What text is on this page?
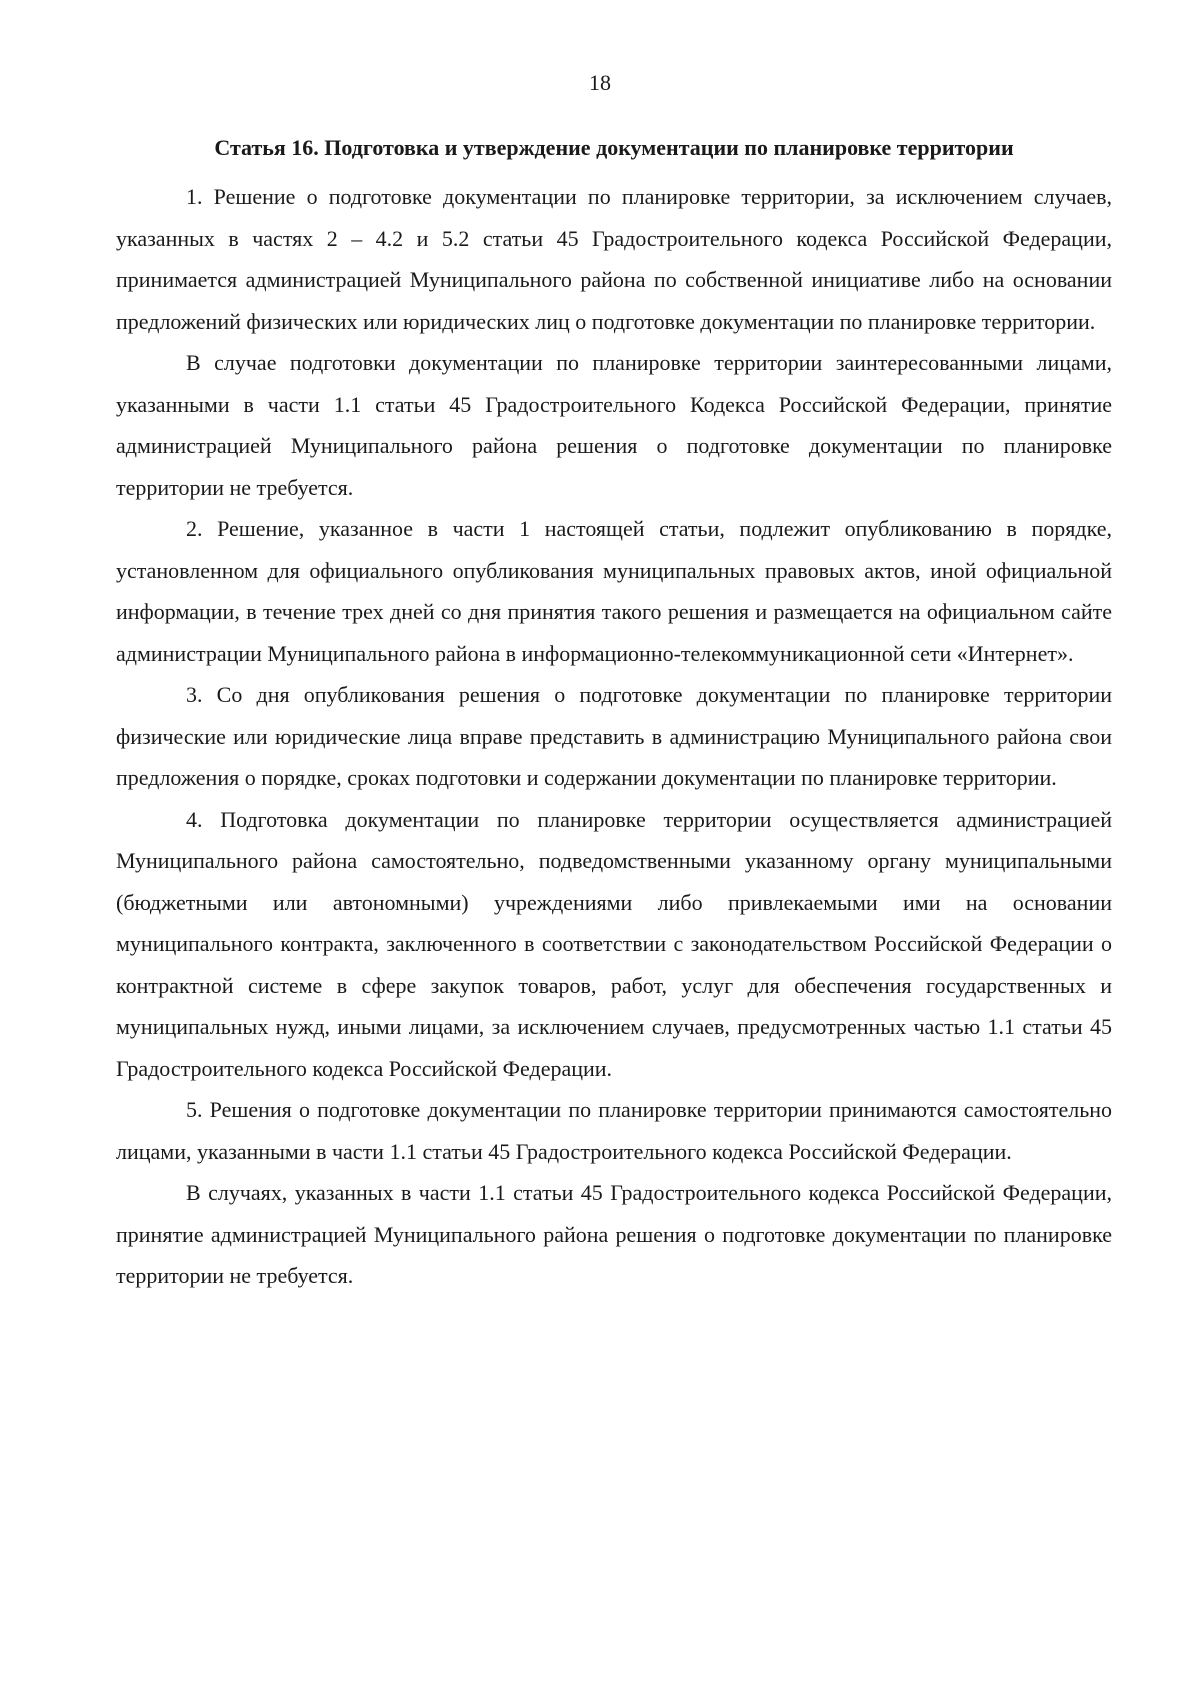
18
Статья 16. Подготовка и утверждение документации по планировке территории

1. Решение о подготовке документации по планировке территории, за исключением случаев, указанных в частях 2 – 4.2 и 5.2 статьи 45 Градостроительного кодекса Российской Федерации, принимается администрацией Муниципального района по собственной инициативе либо на основании предложений физических или юридических лиц о подготовке документации по планировке территории.

В случае подготовки документации по планировке территории заинтересованными лицами, указанными в части 1.1 статьи 45 Градостроительного Кодекса Российской Федерации, принятие администрацией Муниципального района решения о подготовке документации по планировке территории не требуется.

2. Решение, указанное в части 1 настоящей статьи, подлежит опубликованию в порядке, установленном для официального опубликования муниципальных правовых актов, иной официальной информации, в течение трех дней со дня принятия такого решения и размещается на официальном сайте администрации Муниципального района в информационно-телекоммуникационной сети «Интернет».

3. Со дня опубликования решения о подготовке документации по планировке территории физические или юридические лица вправе представить в администрацию Муниципального района свои предложения о порядке, сроках подготовки и содержании документации по планировке территории.

4. Подготовка документации по планировке территории осуществляется администрацией Муниципального района самостоятельно, подведомственными указанному органу муниципальными (бюджетными или автономными) учреждениями либо привлекаемыми ими на основании муниципального контракта, заключенного в соответствии с законодательством Российской Федерации о контрактной системе в сфере закупок товаров, работ, услуг для обеспечения государственных и муниципальных нужд, иными лицами, за исключением случаев, предусмотренных частью 1.1 статьи 45 Градостроительного кодекса Российской Федерации.

5. Решения о подготовке документации по планировке территории принимаются самостоятельно лицами, указанными в части 1.1 статьи 45 Градостроительного кодекса Российской Федерации.

В случаях, указанных в части 1.1 статьи 45 Градостроительного кодекса Российской Федерации, принятие администрацией Муниципального района решения о подготовке документации по планировке территории не требуется.
